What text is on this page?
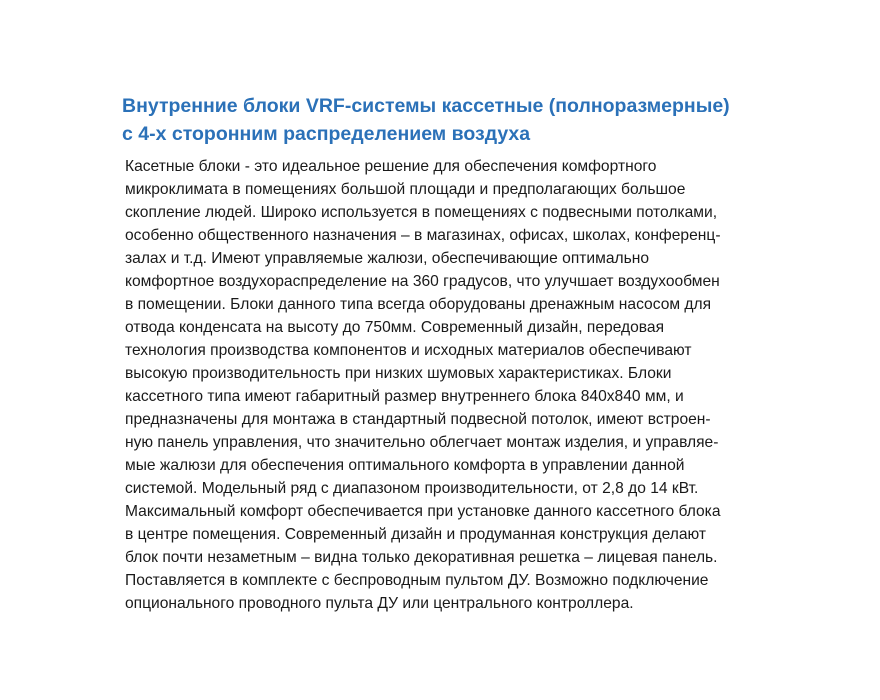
Внутренние блоки VRF-системы кассетные (полноразмерные)
с 4-х сторонним распределением воздуха
Касетные блоки - это идеальное решение для обеспечения комфортного
микроклимата в помещениях большой площади и предполагающих большое
скопление людей. Широко используется в помещениях с подвесными потолками,
особенно общественного назначения – в магазинах, офисах, школах, конференц-
залах и т.д. Имеют управляемые жалюзи, обеспечивающие оптимально
комфортное воздухораспределение на 360 градусов, что улучшает воздухообмен
в помещении. Блоки данного типа всегда оборудованы дренажным насосом для
отвода конденсата на высоту до 750мм. Современный дизайн, передовая
технология производства компонентов и исходных материалов обеспечивают
высокую производительность при низких шумовых характеристиках. Блоки
кассетного типа имеют габаритный размер внутреннего блока 840x840 мм, и
предназначены для монтажа в стандартный подвесной потолок, имеют встроен-
ную панель управления, что значительно облегчает монтаж изделия, и управляе-
мые жалюзи для обеспечения оптимального комфорта в управлении данной
системой. Модельный ряд с диапазоном производительности, от 2,8 до 14 кВт.
Максимальный комфорт обеспечивается при установке данного кассетного блока
в центре помещения. Современный дизайн и продуманная конструкция делают
блок почти незаметным – видна только декоративная решетка – лицевая панель.
Поставляется в комплекте с беспроводным пультом ДУ. Возможно подключение
опционального проводного пульта ДУ или центрального контроллера.
